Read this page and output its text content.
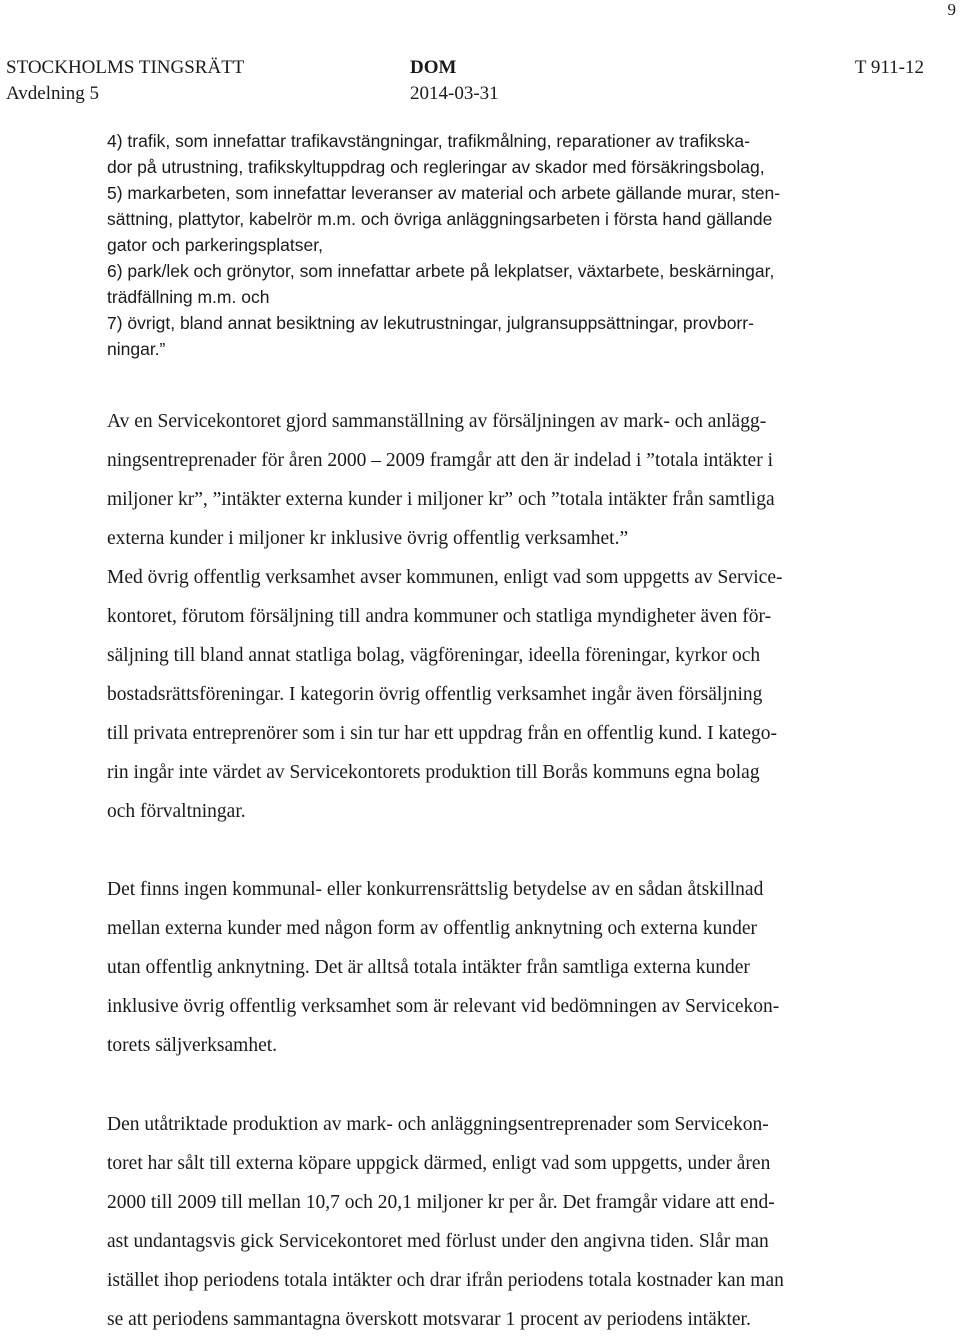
9
STOCKHOLMS TINGSRÄTT	DOM	T 911-12
Avdelning 5	2014-03-31

4) trafik, som innefattar trafikavstängningar, trafikmålning, reparationer av trafikska-

dor på utrustning, trafikskyltuppdrag och regleringar av skador med försäkringsbolag,

5) markarbeten, som innefattar leveranser av material och arbete gällande murar, sten-

sättning, plattytor, kabelrör m.m. och övriga anläggningsarbeten i första hand gällande

gator och parkeringsplatser,

6) park/lek och grönytor, som innefattar arbete på lekplatser, växtarbete, beskärningar,

trädfällning m.m. och

7) övrigt, bland annat besiktning av lekutrustningar, julgransuppsättningar, provborr-

ningar.”

Av en Servicekontoret gjord sammanställning av försäljningen av mark- och anlägg-

ningsentreprenader för åren 2000 – 2009 framgår att den är indelad i ”totala intäkter i

miljoner kr”, ”intäkter externa kunder i miljoner kr” och ”totala intäkter från samtliga

externa kunder i miljoner kr inklusive övrig offentlig verksamhet.”

Med övrig offentlig verksamhet avser kommunen, enligt vad som uppgetts av Service-

kontoret, förutom försäljning till andra kommuner och statliga myndigheter även för-

säljning till bland annat statliga bolag, vägföreningar, ideella föreningar, kyrkor och

bostadsrättsföreningar. I kategorin övrig offentlig verksamhet ingår även försäljning

till privata entreprenörer som i sin tur har ett uppdrag från en offentlig kund. I katego-

rin ingår inte värdet av Servicekontorets produktion till Borås kommuns egna bolag

och förvaltningar.

Det finns ingen kommunal- eller konkurrensrättslig betydelse av en sådan åtskillnad

mellan externa kunder med någon form av offentlig anknytning och externa kunder

utan offentlig anknytning. Det är alltså totala intäkter från samtliga externa kunder

inklusive övrig offentlig verksamhet som är relevant vid bedömningen av Servicekon-

torets säljverksamhet.

Den utåtriktade produktion av mark- och anläggningsentreprenader som Servicekon-

toret har sålt till externa köpare uppgick därmed, enligt vad som uppgetts, under åren

2000 till 2009 till mellan 10,7 och 20,1 miljoner kr per år. Det framgår vidare att end-

ast undantagsvis gick Servicekontoret med förlust under den angivna tiden. Slår man

istället ihop periodens totala intäkter och drar ifrån periodens totala kostnader kan man

se att periodens sammantagna överskott motsvarar 1 procent av periodens intäkter.
